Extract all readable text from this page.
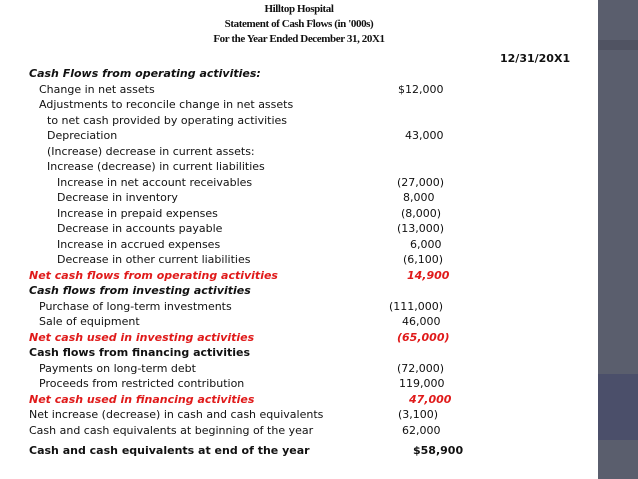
Hilltop Hospital
Statement of Cash Flows (in '000s)
For the Year Ended December 31, 20X1
12/31/20X1
Cash Flows from operating activities:
Change in net assets	$12,000
Adjustments to reconcile change in net assets
to net cash provided by operating activities
Depreciation	43,000
(Increase) decrease in current assets:
Increase (decrease) in current liabilities
Increase in net account receivables	(27,000)
Decrease in inventory	8,000
Increase in prepaid expenses	(8,000)
Decrease in accounts payable	(13,000)
Increase in accrued expenses	6,000
Decrease in other current liabilities	(6,100)
Net cash flows from operating activities	14,900
Cash flows from investing activities
Purchase of long-term investments	(111,000)
Sale of equipment	46,000
Net cash used in investing activities	(65,000)
Cash flows from financing activities
Payments on long-term debt	(72,000)
Proceeds from restricted contribution	119,000
Net cash used in financing activities	47,000
Net increase (decrease) in cash and cash equivalents	(3,100)
Cash and cash equivalents at beginning of the year	62,000
Cash and cash equivalents at end of the year	$58,900
